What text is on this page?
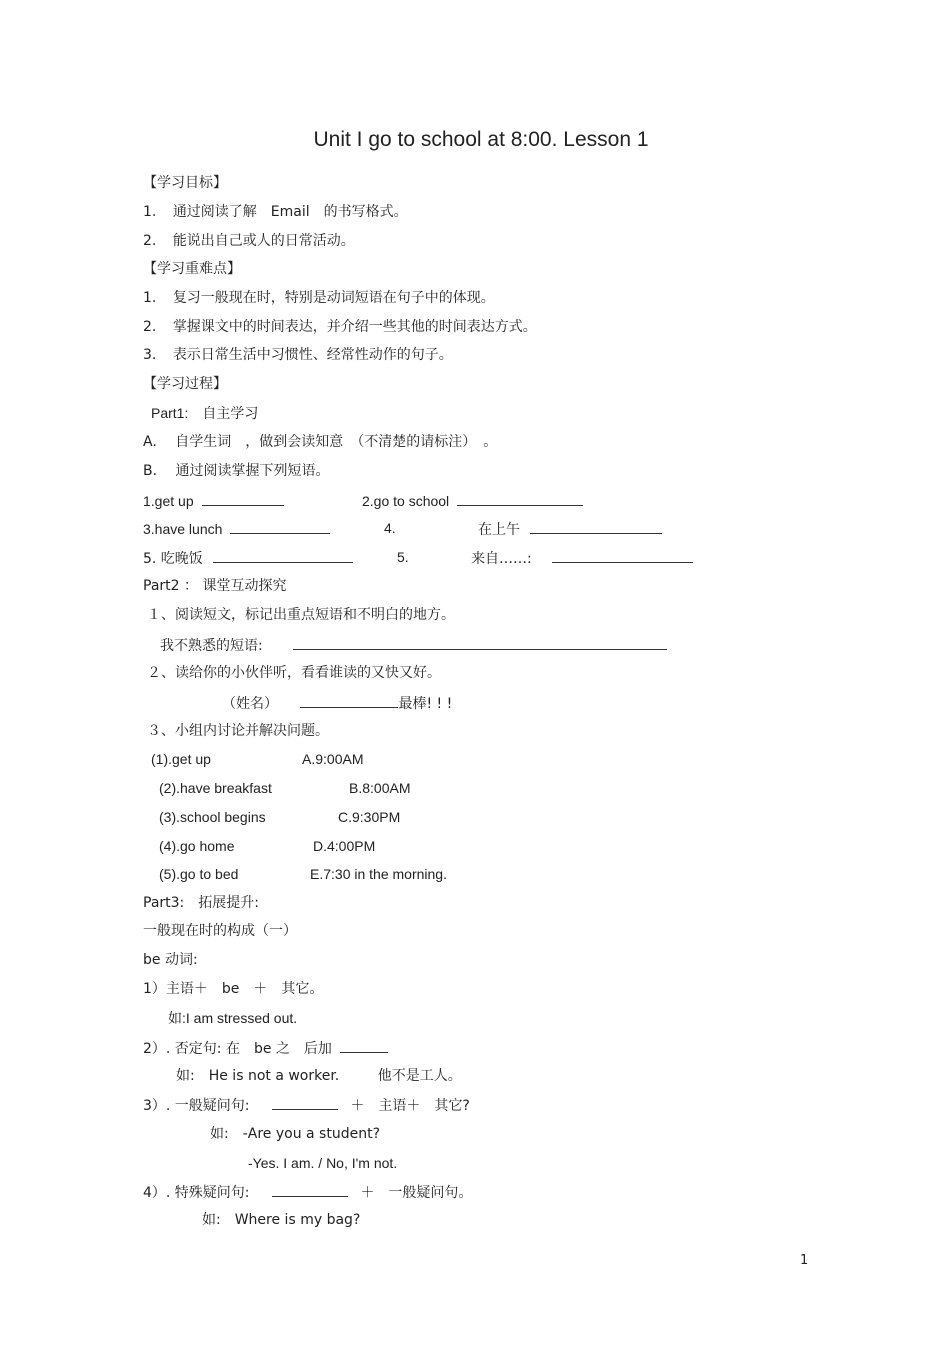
Unit I go to school at 8:00. Lesson 1
【学习目标】
1. 通过阅读了解　Email　的书写格式。
2. 能说出自己或人的日常活动。
【学习重难点】
1. 复习一般现在时，特别是动词短语在句子中的体现。
2. 掌握课文中的时间表达，并介绍一些其他的时间表达方式。
3. 表示日常生活中习惯性、经常性动作的句子。
【学习过程】
Part1:　自主学习
A. 自学生词　，做到会读知意　（不清楚的请标注）　。
B. 通过阅读掌握下列短语。
1.get up	2.go to school
3.have lunch	4.	在上午
5. 吃晚饭	5.	来自……:
Part2 ： 课堂互动探究
１、阅读短文，标记出重点短语和不明白的地方。
我不熟悉的短语:
２、读给你的小伙伴听，看看谁读的又快又好。
（姓名）	最棒! ! !
３、小组内讨论并解决问题。
(1).get up	A.9:00AM
(2).have breakfast	B.8:00AM
(3).school begins	C.9:30PM
(4).go home	D.4:00PM
(5).go to bed	E.7:30 in the morning.
Part3:　拓展提升:
一般现在时的构成（一）
be 动词:
1）主语＋　be　＋　其它。
如:I am stressed out.
2）. 否定句: 在　be 之　后加
如:　He is not a worker.	他不是工人。
3）. 一般疑问句:	＋　主语＋　其它?
如:　-Are you a student?
-Yes. I am. / No, I'm not.
4）. 特殊疑问句:	＋　一般疑问句。
如:　Where is my bag?
1
